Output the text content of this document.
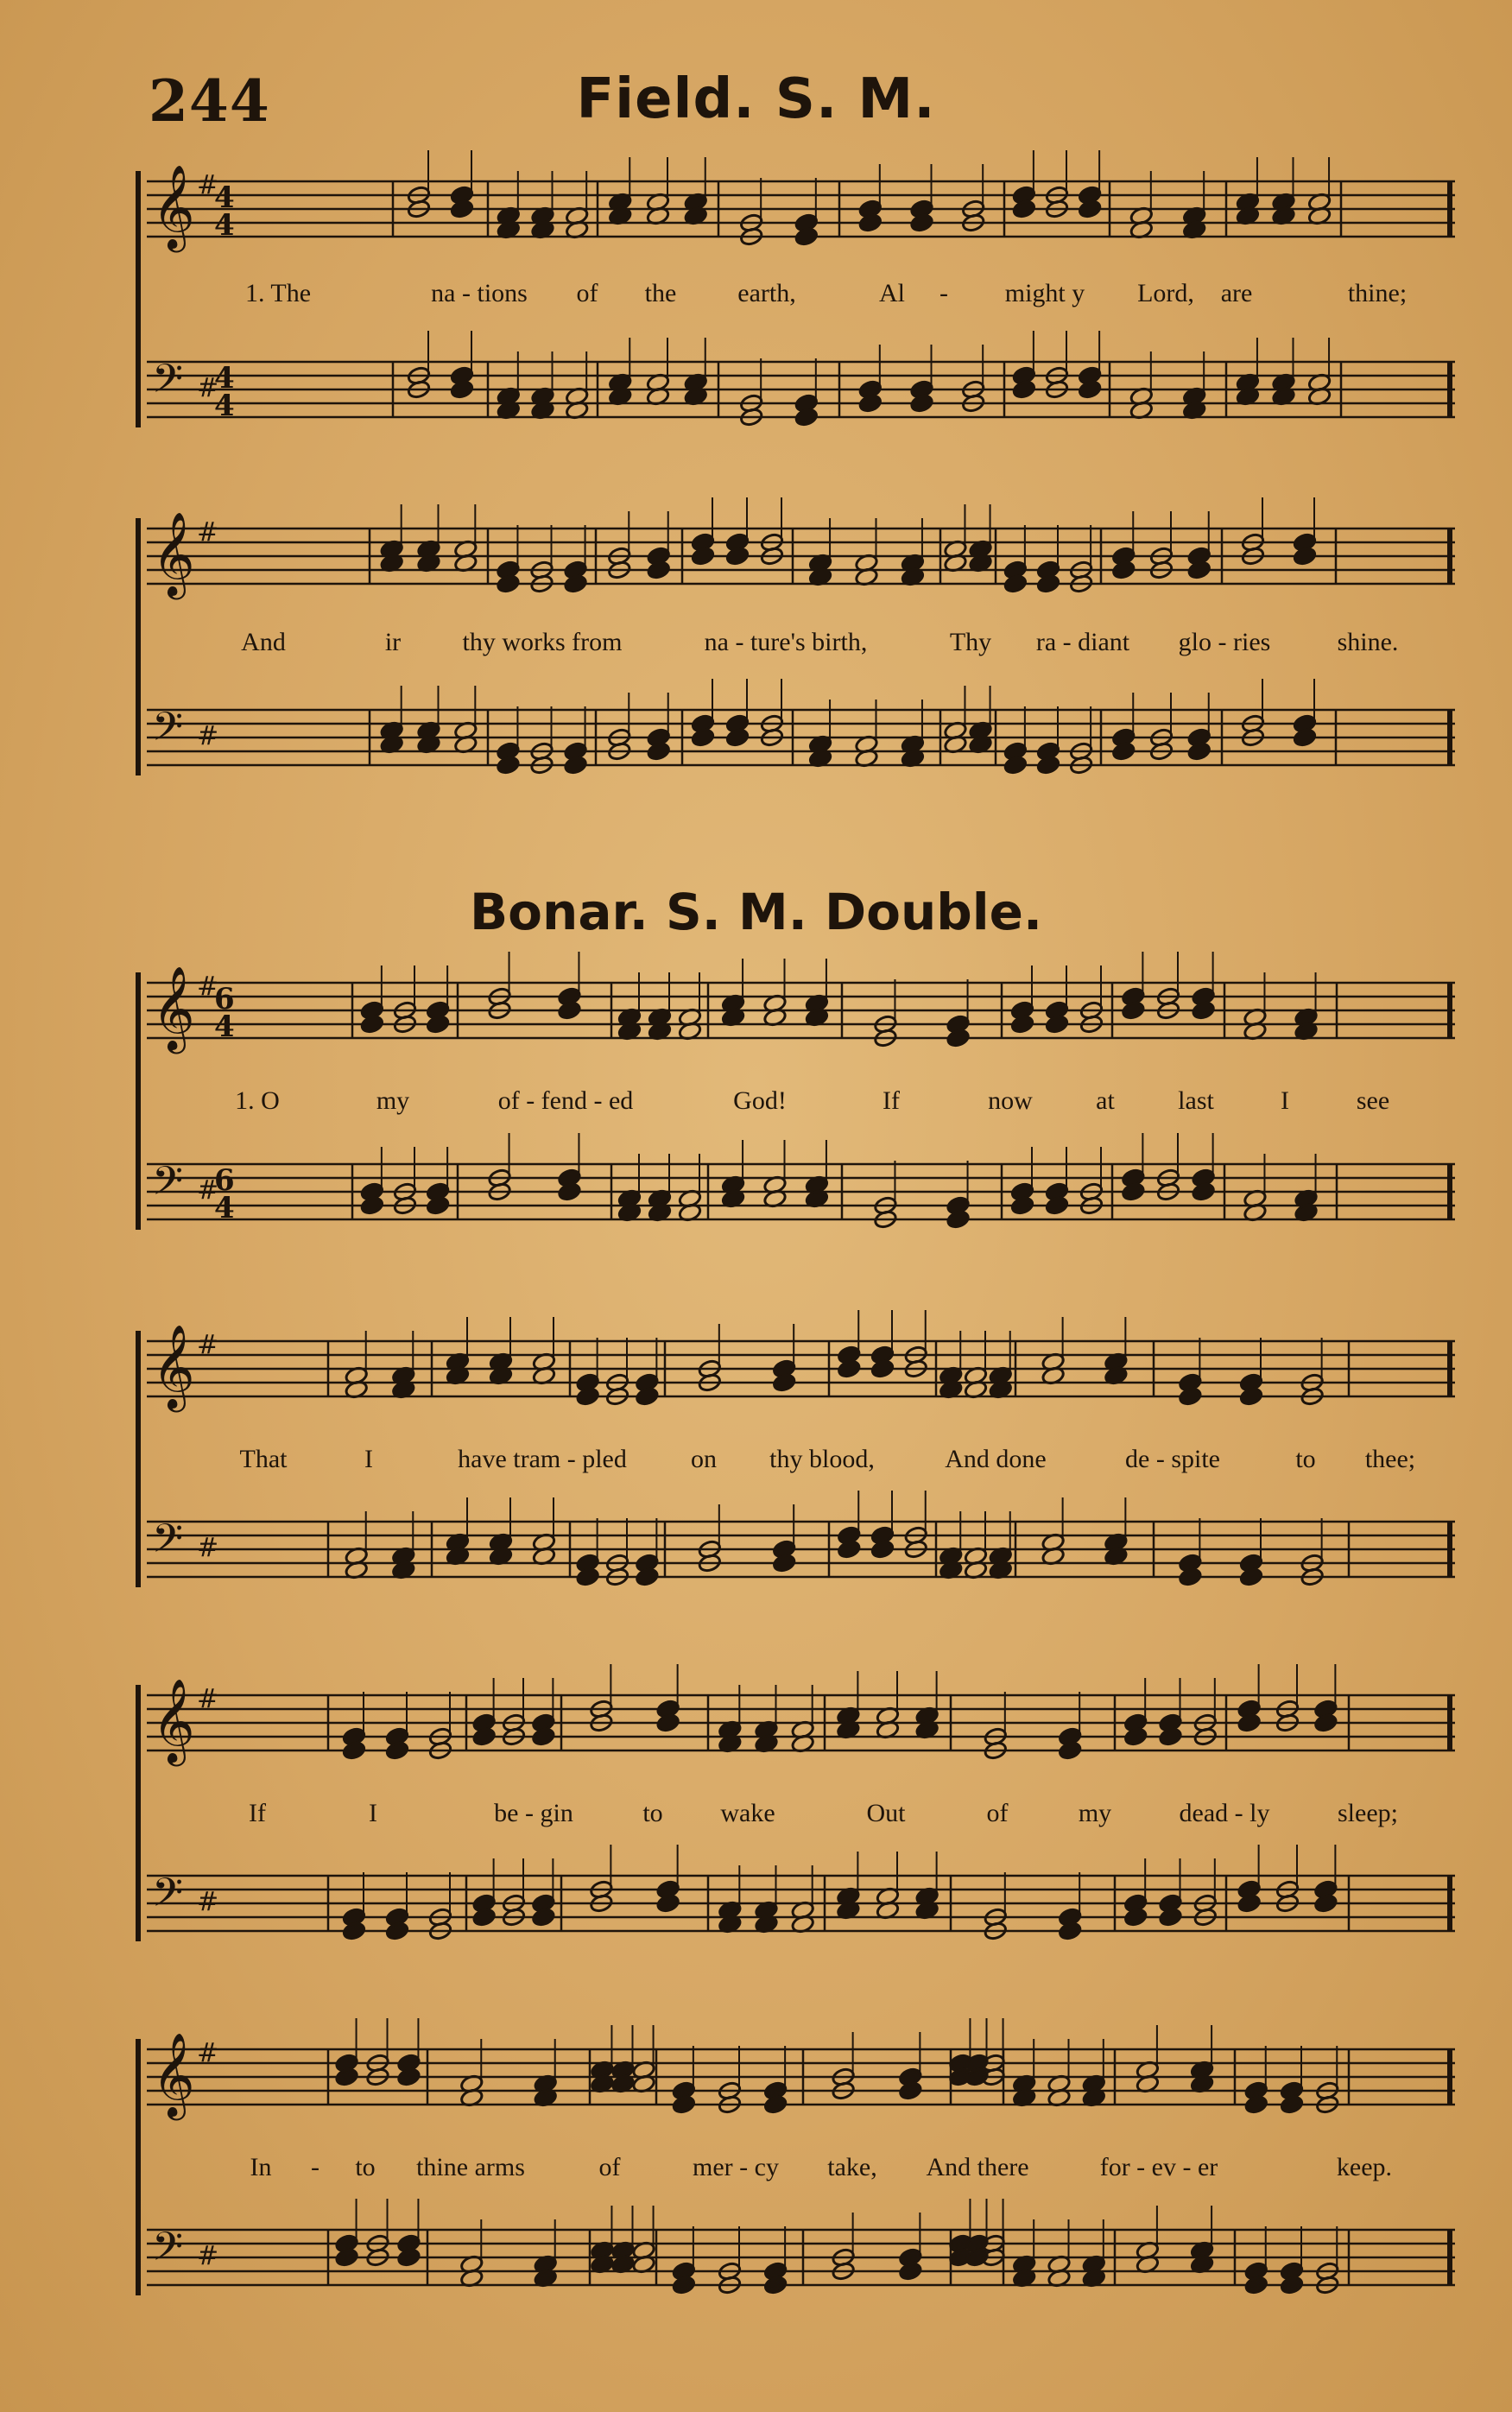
244	Field. S. M.
Bonar. S. M. Double.
𝄞 #
𝄢 #
4
4
4
4
𝄞 #
𝄢 #
𝄞 #
𝄢 #
6
4
6
4
𝄞 #
𝄢 #
𝄞 #
𝄢 #
𝄞 #
𝄢 #
1. The	na - tions of the earth,	Al - might y Lord, are	thine;
And	ir thy works from	na - ture's birth,	Thy ra - diant glo - ries	shine.
1. O	my	of - fend - ed	God!	If	now at last	I	see
That	I	have tram - pled on thy blood,	And done	de - spite	to thee;
If	I	be - gin	to wake	Out	of	my	dead - ly	sleep;
In - to thine arms	of	mer - cy take, And there	for - ev - er	keep.
